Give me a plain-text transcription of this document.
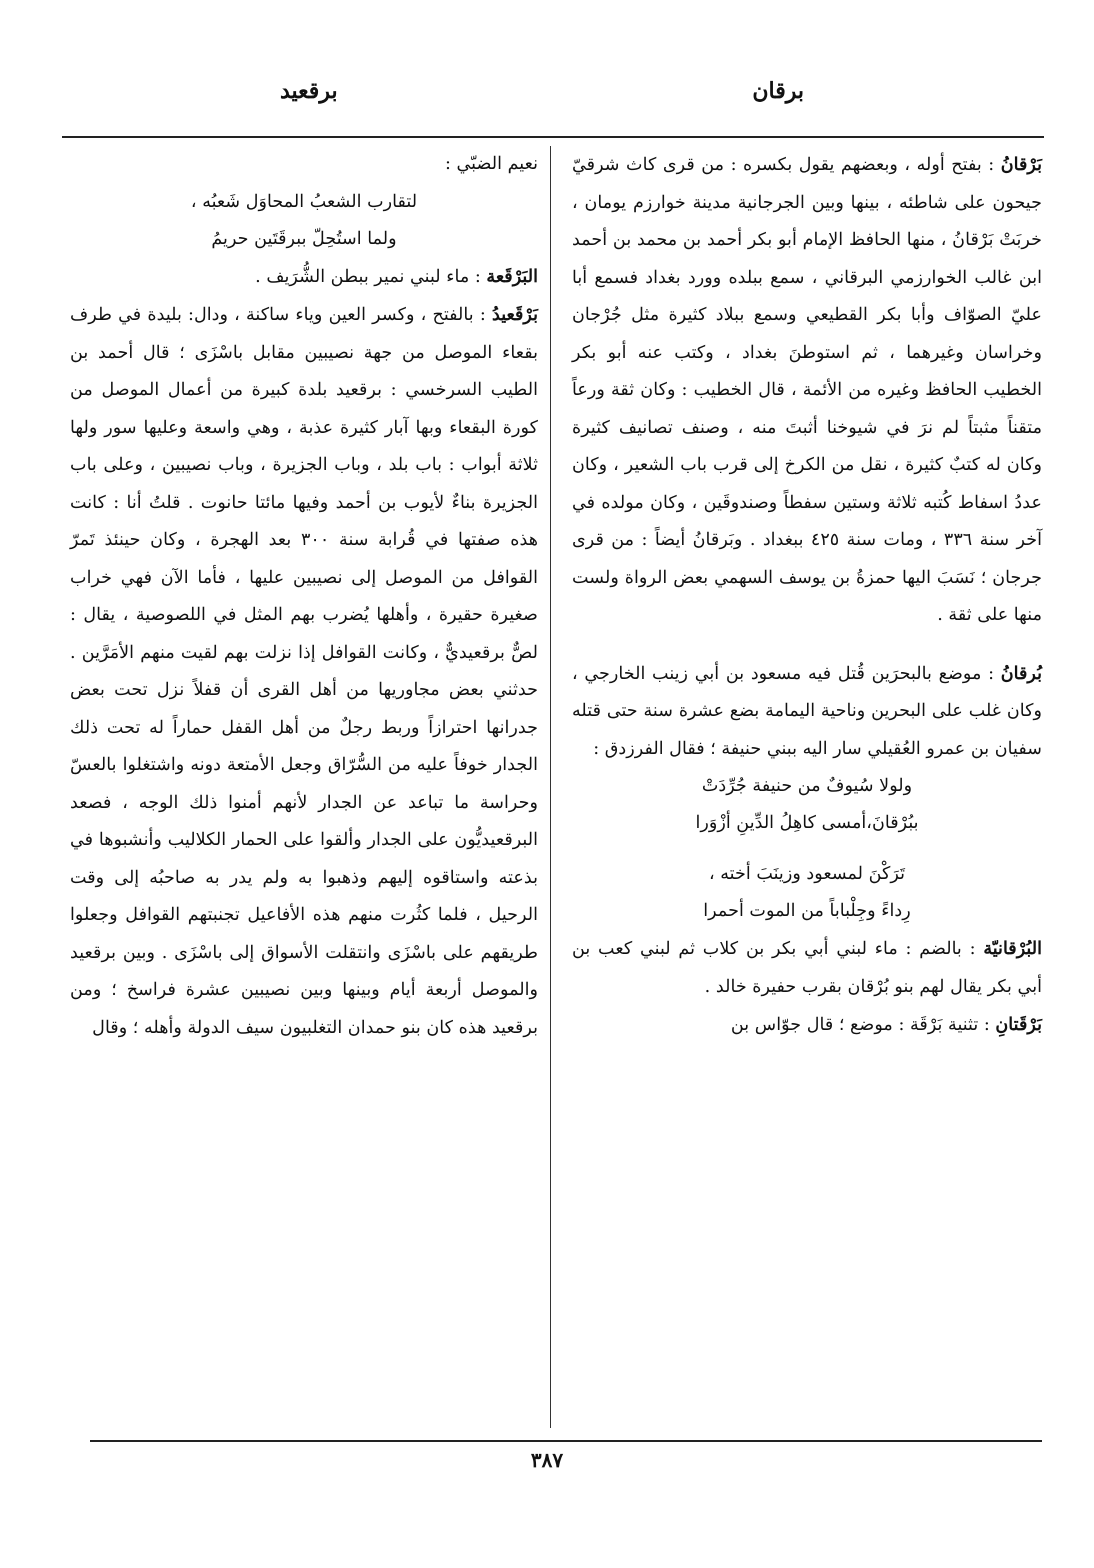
برقان
برقعيد

بَرْقانُ : بفتح أوله ، وبعضهم يقول بكسره : من قرى كاث شرقيّ جيحون على شاطئه ، بينها وبين الجرجانية مدينة خوارزم يومان ، خربَتْ بَرْقانُ ، منها الحافظ الإمام أبو بكر أحمد بن محمد بن أحمد ابن غالب الخوارزمي البرقاني ، سمع ببلده وورد بغداد فسمع أبا عليّ الصوّاف وأبا بكر القطيعي وسمع ببلاد كثيرة مثل جُرْجان وخراسان وغيرهما ، ثم استوطنَ بغداد ، وكتب عنه أبو بكر الخطيب الحافظ وغيره من الأئمة ، قال الخطيب : وكان ثقة ورعاً متقناً مثبتاً لم نرَ في شيوخنا أثبتَ منه ، وصنف تصانيف كثيرة وكان له كتبٌ كثيرة ، نقل من الكرخ إلى قرب باب الشعير ، وكان عددُ اسفاط كُتبه ثلاثة وستين سفطاً وصندوقَين ، وكان مولده في آخر سنة ٣٣٦ ، ومات سنة ٤٢٥ ببغداد . وبَرقانُ أيضاً : من قرى جرجان ؛ نَسَبَ اليها حمزةُ بن يوسف السهمي بعض الرواة ولست منها على ثقة .

بُرقانُ : موضع بالبحرَين قُتل فيه مسعود بن أبي زينب الخارجي ، وكان غلب على البحرين وناحية اليمامة بضع عشرة سنة حتى قتله سفيان بن عمرو العُقيلي سار اليه ببني حنيفة ؛ فقال الفرزدق :

ولولا سُيوفٌ من حنيفة جُرِّدَتْ

ببُرْقانَ،أمسى كاهِلُ الدِّينِ أزْوَرا

تَرَكْنَ لمسعود وزينَبَ أخته ،

رِداءً وجِلْباباً من الموت أحمرا

البُرْقانيّة : بالضم : ماء لبني أبي بكر بن كلاب ثم لبني كعب بن أبي بكر يقال لهم بنو بُرْقان بقرب حفيرة خالد .

بَرْقَتانِ : تثنية بَرْقَة : موضع ؛ قال جوّاس بن

نعيم الضبّي :

لتقارب الشعبُ المحاوَل شَعبُه ،

ولما استُحِلّ ببرقَتَين حريمُ

البَرْقَعة : ماء لبني نمير ببطن الشُّرَيف .

بَرْقَعيدُ : بالفتح ، وكسر العين وياء ساكنة ، ودال: بليدة في طرف بقعاء الموصل من جهة نصيبين مقابل باسْزَى ؛ قال أحمد بن الطيب السرخسي : برقعيد بلدة كبيرة من أعمال الموصل من كورة البقعاء وبها آبار كثيرة عذبة ، وهي واسعة وعليها سور ولها ثلاثة أبواب : باب بلد ، وباب الجزيرة ، وباب نصيبين ، وعلى باب الجزيرة بناءٌ لأيوب بن أحمد وفيها مائتا حانوت . قلتُ أنا : كانت هذه صفتها في قُرابة سنة ٣٠٠ بعد الهجرة ، وكان حينئذ تَمرّ القوافل من الموصل إلى نصيبين عليها ، فأما الآن فهي خراب صغيرة حقيرة ، وأهلها يُضرب بهم المثل في اللصوصية ، يقال : لصٌّ برقعيديٌّ ، وكانت القوافل إذا نزلت بهم لقيت منهم الأمَرَّين . حدثني بعض مجاوريها من أهل القرى أن قفلاً نزل تحت بعض جدرانها احترازاً وربط رجلٌ من أهل القفل حماراً له تحت ذلك الجدار خوفاً عليه من السُّرّاق وجعل الأمتعة دونه واشتغلوا بالعسّ وحراسة ما تباعد عن الجدار لأنهم أمنوا ذلك الوجه ، فصعد البرقعيديُّون على الجدار وألقوا على الحمار الكلاليب وأنشبوها في بذعته واستاقوه إليهم وذهبوا به ولم يدر به صاحبُه إلى وقت الرحيل ، فلما كثُرت منهم هذه الأفاعيل تجنبتهم القوافل وجعلوا طريقهم على باسْزَى وانتقلت الأسواق إلى باسْزَى . وبين برقعيد والموصل أربعة أيام وبينها وبين نصيبين عشرة فراسخ ؛ ومن برقعيد هذه كان بنو حمدان التغلبيون سيف الدولة وأهله ؛ وقال

٣٨٧
